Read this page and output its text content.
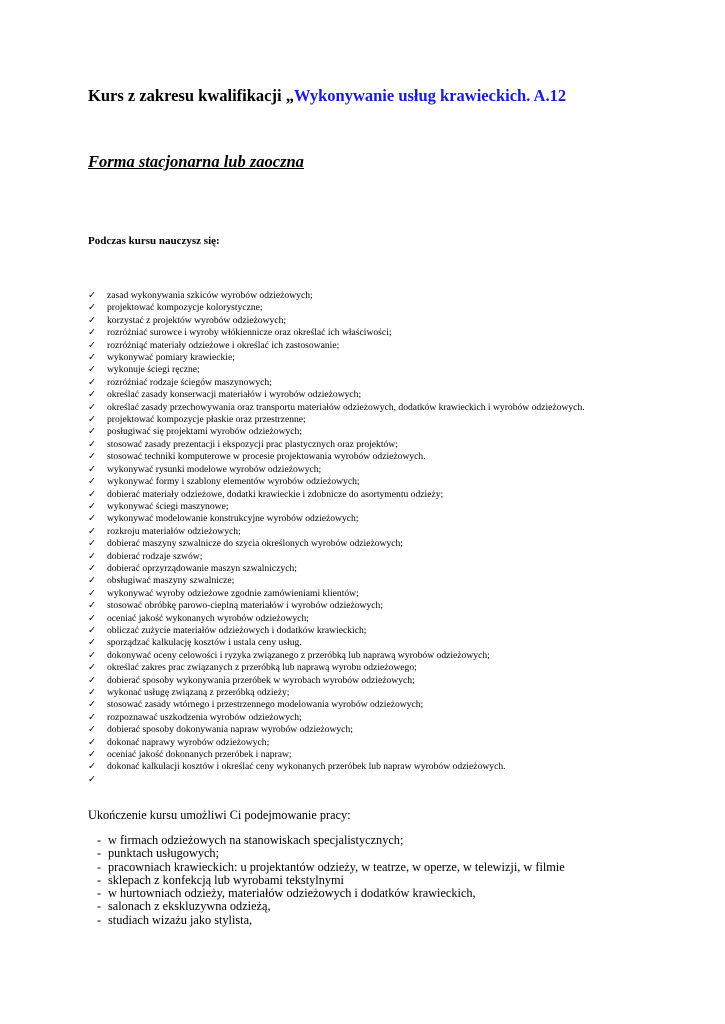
Kurs z zakresu kwalifikacji „Wykonywanie usług krawieckich. A.12
Forma stacjonarna lub zaoczna

Podczas kursu nauczysz się:

✓	zasad wykonywania szkiców wyrobów odzieżowych;
✓	projektować kompozycje kolorystyczne;
✓	korzystać z projektów wyrobów odzieżowych;
✓	rozróżniać surowce i wyroby włókiennicze oraz określać ich właściwości;
✓	rozróżniąć materiały odzieżowe i określać ich zastosowanie;
✓	wykonywać pomiary krawieckie;
✓	wykonuje ściegi ręczne;
✓	rozróżniać rodzaje ściegów maszynowych;
✓	określać zasady konserwacji materiałów i wyrobów odzieżowych;
✓	określać zasady przechowywania oraz transportu materiałów odzieżowych, dodatków krawieckich i wyrobów odzieżowych.
✓	projektować kompozycje płaskie oraz przestrzenne;
✓	posługiwać się projektami wyrobów odzieżowych;
✓	stosować zasady prezentacji i ekspozycji prac plastycznych oraz projektów;
✓	stosować techniki komputerowe w procesie projektowania wyrobów odzieżowych.
✓	wykonywać rysunki modelowe wyrobów odzieżowych;
✓	wykonywać formy i szablony elementów wyrobów odzieżowych;
✓	dobierać materiały odzieżowe, dodatki krawieckie i zdobnicze do asortymentu odzieży;
✓	wykonywać ściegi maszynowe;
✓	wykonywać modelowanie konstrukcyjne wyrobów odzieżowych;
✓	rozkroju materiałów odzieżowych;
✓	dobierać maszyny szwalnicze do szycia określonych wyrobów odzieżowych;
✓	dobierać rodzaje szwów;
✓	dobierać oprzyrządowanie maszyn szwalniczych;
✓	obsługiwać maszyny szwalnicze;
✓	wykonywać wyroby odzieżowe zgodnie zamówieniami klientów;
✓	stosować obróbkę parowo-cieplną materiałów i wyrobów odzieżowych;
✓	oceniać jakość wykonanych wyrobów odzieżowych;
✓	obliczać zużycie materiałów odzieżowych i dodatków krawieckich;
✓	sporządzać kalkulację kosztów i ustala ceny usług.
✓	dokonywać oceny celowości i ryzyka związanego z przeróbką lub naprawą wyrobów odzieżowych;
✓	określać zakres prac związanych z przeróbką lub naprawą wyrobu odzieżowego;
✓	dobierać sposoby wykonywania przeróbek w wyrobach wyrobów odzieżowych;
✓	wykonać usługę związaną z przeróbką odzieży;
✓	stosować zasady wtórnego i przestrzennego modelowania wyrobów odzieżowych;
✓	rozpoznawać uszkodzenia wyrobów odzieżowych;
✓	dobierać sposoby dokonywania napraw wyrobów odzieżowych;
✓	dokonać naprawy wyrobów odzieżowych;
✓	oceniać jakość dokonanych przeróbek i napraw;
✓	dokonać kalkulacji kosztów i określać ceny wykonanych przeróbek lub napraw wyrobów odzieżowych.
✓

Ukończenie kursu umożliwi Ci podejmowanie pracy:

- w firmach odzieżowych na stanowiskach specjalistycznych;
- punktach usługowych;
- pracowniach krawieckich: u projektantów odzieży, w teatrze, w operze, w telewizji, w filmie
- sklepach z konfekcją lub wyrobami tekstylnymi
- w hurtowniach odzieży, materiałów odzieżowych i dodatków krawieckich,
- salonach z ekskluzywna odzieżą,
- studiach wizażu jako stylista,
